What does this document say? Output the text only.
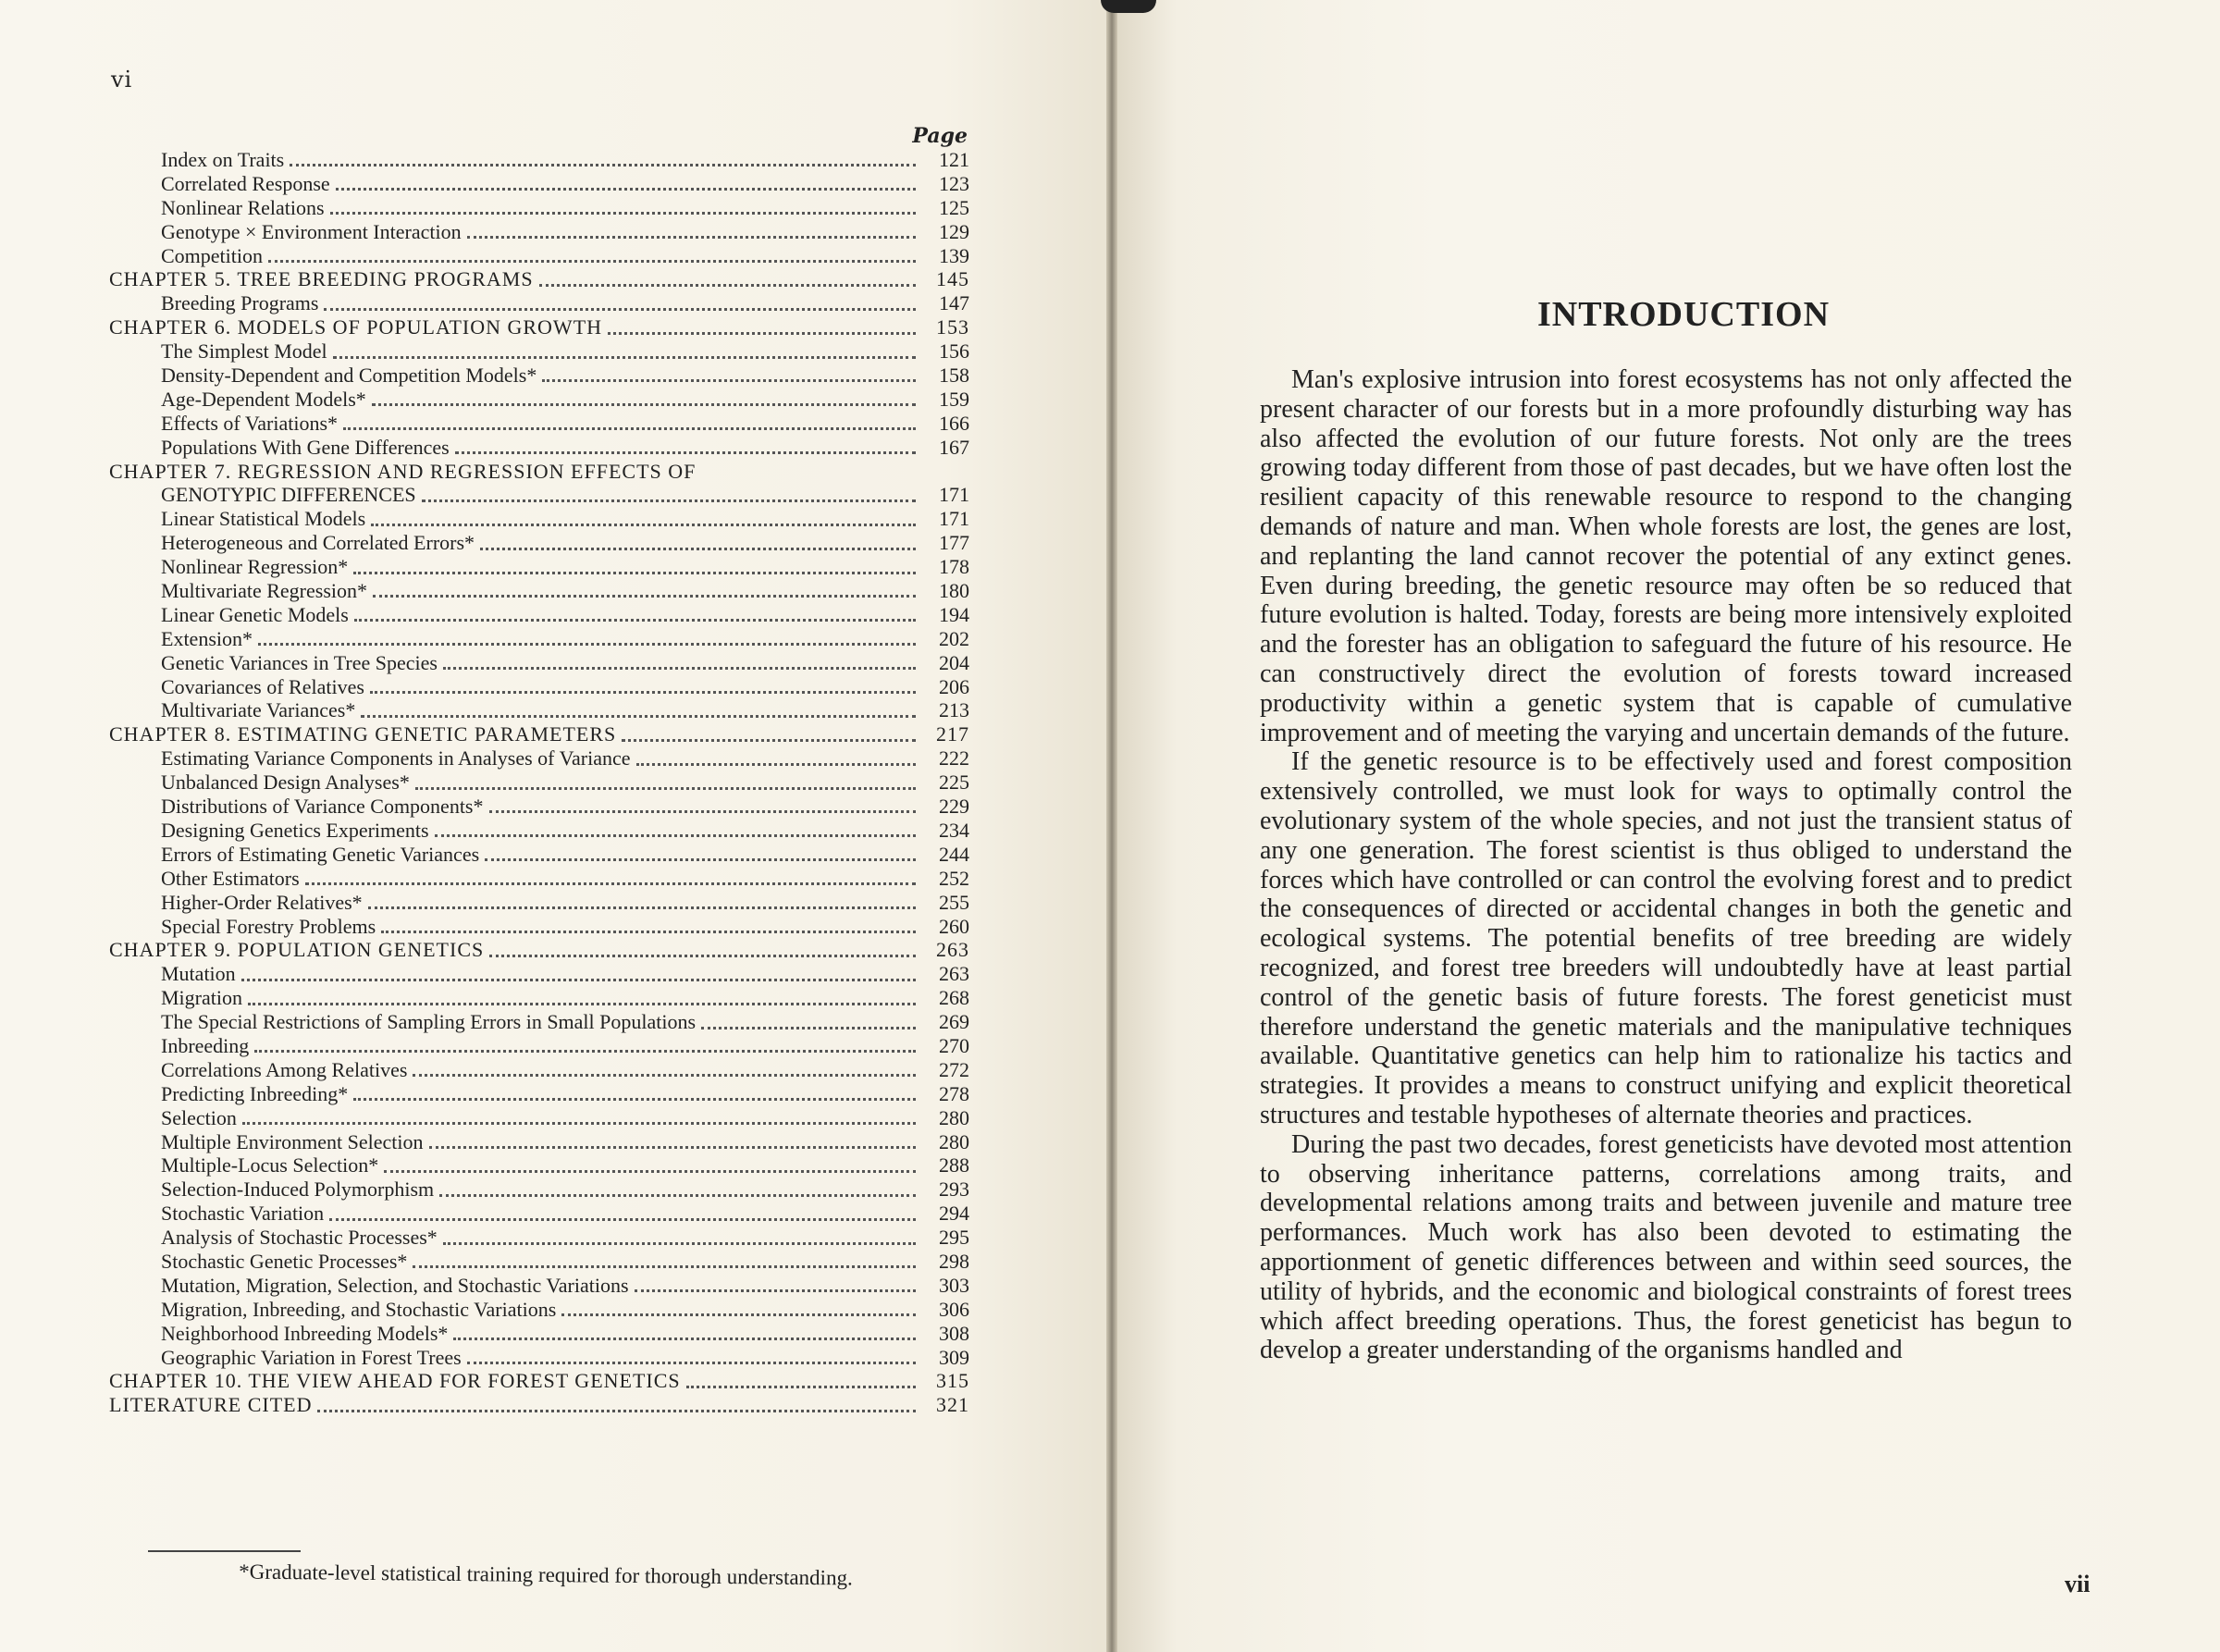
vi
Page
Index on Traits	121
Correlated Response	123
Nonlinear Relations	125
Genotype × Environment Interaction	129
Competition	139
CHAPTER 5. TREE BREEDING PROGRAMS	145
Breeding Programs	147
CHAPTER 6. MODELS OF POPULATION GROWTH	153
The Simplest Model	156
Density-Dependent and Competition Models*	158
Age-Dependent Models*	159
Effects of Variations*	166
Populations With Gene Differences	167
CHAPTER 7. REGRESSION AND REGRESSION EFFECTS OF
GENOTYPIC DIFFERENCES	171
Linear Statistical Models	171
Heterogeneous and Correlated Errors*	177
Nonlinear Regression*	178
Multivariate Regression*	180
Linear Genetic Models	194
Extension*	202
Genetic Variances in Tree Species	204
Covariances of Relatives	206
Multivariate Variances*	213
CHAPTER 8. ESTIMATING GENETIC PARAMETERS	217
Estimating Variance Components in Analyses of Variance	222
Unbalanced Design Analyses*	225
Distributions of Variance Components*	229
Designing Genetics Experiments	234
Errors of Estimating Genetic Variances	244
Other Estimators	252
Higher-Order Relatives*	255
Special Forestry Problems	260
CHAPTER 9. POPULATION GENETICS	263
Mutation	263
Migration	268
The Special Restrictions of Sampling Errors in Small Populations	269
Inbreeding	270
Correlations Among Relatives	272
Predicting Inbreeding*	278
Selection	280
Multiple Environment Selection	280
Multiple-Locus Selection*	288
Selection-Induced Polymorphism	293
Stochastic Variation	294
Analysis of Stochastic Processes*	295
Stochastic Genetic Processes*	298
Mutation, Migration, Selection, and Stochastic Variations	303
Migration, Inbreeding, and Stochastic Variations	306
Neighborhood Inbreeding Models*	308
Geographic Variation in Forest Trees	309
CHAPTER 10. THE VIEW AHEAD FOR FOREST GENETICS	315
LITERATURE CITED	321
*Graduate-level statistical training required for thorough understanding.
INTRODUCTION

Man's explosive intrusion into forest ecosystems has not only affected the present character of our forests but in a more profoundly disturbing way has also affected the evolution of our future forests. Not only are the trees growing today different from those of past decades, but we have often lost the resilient capacity of this renewable resource to respond to the changing demands of nature and man. When whole forests are lost, the genes are lost, and replanting the land cannot recover the potential of any extinct genes. Even during breeding, the genetic resource may often be so reduced that future evolution is halted. Today, forests are being more intensively exploited and the forester has an obligation to safeguard the future of his resource. He can constructively direct the evolution of forests toward increased productivity within a genetic system that is capable of cumulative improvement and of meeting the varying and uncertain demands of the future.

If the genetic resource is to be effectively used and forest composition extensively controlled, we must look for ways to optimally control the evolutionary system of the whole species, and not just the transient status of any one generation. The forest scientist is thus obliged to understand the forces which have controlled or can control the evolving forest and to predict the consequences of directed or accidental changes in both the genetic and ecological systems. The potential benefits of tree breeding are widely recognized, and forest tree breeders will undoubtedly have at least partial control of the genetic basis of future forests. The forest geneticist must therefore understand the genetic materials and the manipulative techniques available. Quantitative genetics can help him to rationalize his tactics and strategies. It provides a means to construct unifying and explicit theoretical structures and testable hypotheses of alternate theories and practices.

During the past two decades, forest geneticists have devoted most attention to observing inheritance patterns, correlations among traits, and developmental relations among traits and between juvenile and mature tree performances. Much work has also been devoted to estimating the apportionment of genetic differences between and within seed sources, the utility of hybrids, and the economic and biological constraints of forest trees which affect breeding operations. Thus, the forest geneticist has begun to develop a greater understanding of the organisms handled and

vii
